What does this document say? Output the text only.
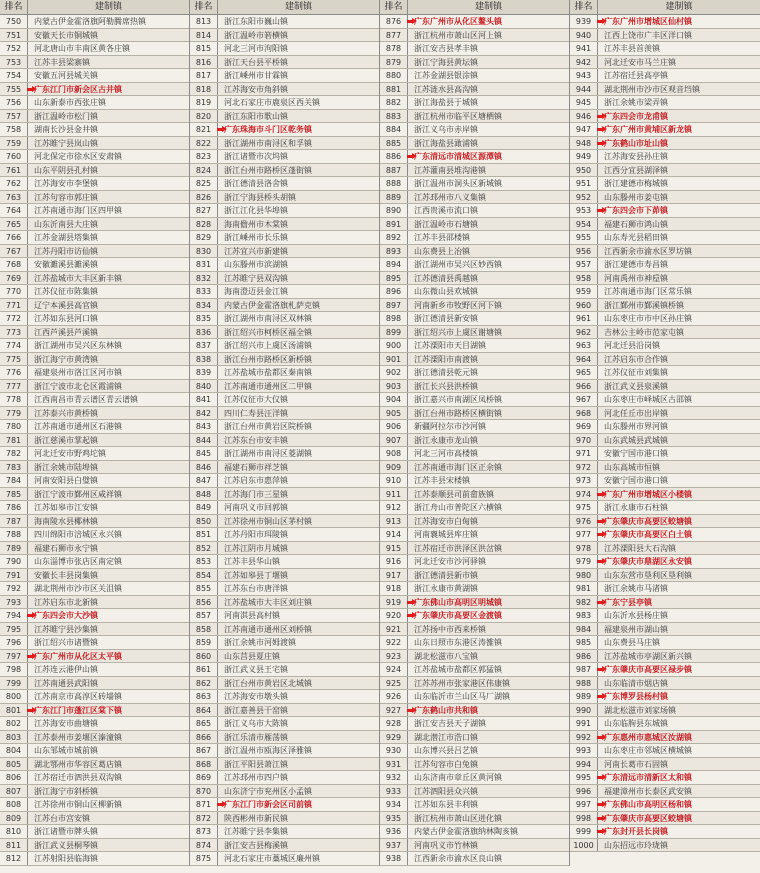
排名	建制镇
750	内蒙古伊金霍洛旗阿勒腾席热镇
751	安徽天长市铜城镇
752	河北唐山市丰南区黄各庄镇
753	江苏丰县梁寨镇
754	安徽五河县城关镇
755	广东江门市新会区古井镇
756	山东新泰市西张庄镇
757	浙江温岭市松门镇
758	湖南长沙县金井镇
759	江苏睢宁县岚山镇
760	河北保定市徐水区安肃镇
761	山东平阴县孔村镇
762	江苏海安市李堡镇
763	江苏句容市郭庄镇
764	江苏南通市海门区四甲镇
765	山东沂南县大庄镇
766	江苏金湖县塔集镇
767	江苏丹阳市访仙镇
768	安徽濉溪县濉溪镇
769	江苏盐城市大丰区新丰镇
770	江苏仪征市陈集镇
771	辽宁本溪县高官镇
772	江苏如东县河口镇
773	江西芦溪县芦溪镇
774	浙江湖州市吴兴区东林镇
775	浙江海宁市黄湾镇
776	福建泉州市洛江区河市镇
777	浙江宁波市北仑区霞浦镇
778	江西南昌市青云谱区青云谱镇
779	江苏泰兴市黄桥镇
780	江苏南通市通州区石港镇
781	浙江慈溪市掌起镇
782	河北迁安市野鸡坨镇
783	浙江余姚市陆埠镇
784	河南安阳县白璧镇
785	浙江宁波市鄞州区咸祥镇
786	江苏如皋市江安镇
787	海南陵水县椰林镇
788	四川绵阳市涪城区永兴镇
789	福建石狮市永宁镇
790	山东淄博市张店区南定镇
791	安徽长丰县岗集镇
792	湖北荆州市沙市区关沮镇
793	江苏启东市北新镇
794	广东四会市大沙镇
795	江苏睢宁县沙集镇
796	浙江绍兴市诸暨镇
797	广东广州市从化区太平镇
798	江苏连云港伊山镇
799	江苏南通县武阳镇
800	江苏南京市高淳区砖墙镇
801	广东江门市蓬江区棠下镇
802	江苏海安市曲塘镇
803	江苏泰州市姜堰区溱潼镇
804	山东邹城市城前镇
805	湖北鄂州市华容区葛店镇
806	江苏宿迁市泗洪县双沟镇
807	浙江海宁市斜桥镇
808	江苏徐州市铜山区柳新镇
809	江苏台市宫安镇
810	浙江诸暨市牌头镇
811	浙江武义县桐琴镇
812	江苏射阳县临海镇
排名	建制镇
813	浙江东阳市巍山镇
814	浙江温岭市箬横镇
815	河北三河市泃阳镇
816	浙江天台县平桥镇
817	浙江嵊州市甘霖镇
818	江苏海安市角斜镇
819	河北石家庄市鹿泉区西关镇
820	浙江东阳市歌山镇
821	广东珠海市斗门区乾务镇
822	浙江湖州市南浔区和孚镇
823	浙江诸暨市次坞镇
824	浙江台州市路桥区蓬街镇
825	浙江德清县洛舍镇
826	浙江宁海县桥头胡镇
827	浙江江化县华埠镇
828	海南儋州市木棠镇
829	浙江嵊州市长乐镇
830	江苏宜兴市新建镇
831	山东滕州市滨湖镇
832	江苏睢宁县双沟镇
833	海南澄迈县金江镇
834	内蒙古伊金霍洛旗札萨克镇
835	浙江湖州市南浔区双林镇
836	浙江绍兴市柯桥区福全镇
837	浙江绍兴市上虞区汤浦镇
838	浙江台州市路桥区新桥镇
839	江苏盐城市盐都区秦南镇
840	江苏南通市通州区二甲镇
841	江苏仪征市大仪镇
842	四川仁寿县汪洋镇
843	浙江台州市黄岩区院桥镇
844	江苏东台市安丰镇
845	浙江湖州市南浔区菱湖镇
846	福建石狮市祥芝镇
847	江苏启东市惠萍镇
848	江苏海门市三星镇
849	河南巩义市回郭镇
850	江苏徐州市铜山区茅村镇
851	江苏丹阳市珥陵镇
852	江苏江阴市月城镇
853	江苏丰县华山镇
854	江苏如皋县丁堰镇
855	江苏东台市唐洋镇
856	江苏盐城市大丰区刘庄镇
857	河南淇县高村镇
858	江苏南通市通州区刘桥镇
859	浙江余姚市河姆渡镇
860	山东莒县夏庄镇
861	浙江武义县王宅镇
862	浙江台州市黄岩区北城镇
863	江苏海安市墩头镇
864	浙江嘉善县干窑镇
865	浙江义乌市大陈镇
866	浙江乐清市雁荡镇
867	浙江温州市瓯海区泽雅镇
868	浙江平阳县萧江镇
869	江苏邳州市四户镇
870	山东济宁市兖州区小孟镇
871	广东江门市新会区司前镇
872	陕西彬州市新民镇
873	江苏睢宁县李集镇
874	浙江安吉县梅溪镇
875	河北石家庄市藁城区廉州镇
排名	建制镇
876	广东广州市从化区鳌头镇
877	浙江杭州市萧山区河上镇
878	浙江安吉县孝丰镇
879	浙江宁海县黄坛镇
880	江苏金湖县银涂镇
881	江苏涟水县高沟镇
882	浙江海盐县于城镇
883	浙江杭州市临平区塘栖镇
884	浙江义乌市赤岸镇
885	浙江海盐县澉浦镇
886	广东清远市清城区源潭镇
887	江苏灌南县堆沟港镇
888	浙江温州市洞头区新城镇
889	江苏邳州市八义集镇
890	江西贵溪市流口镇
891	浙江温岭市石塘镇
892	江苏丰县邵楼镇
893	山东费县上冶镇
894	浙江湖州市吴兴区妙西镇
895	江苏德清县禹越镇
896	山东微山县欢城镇
897	河南新乡市牧野区河下镇
898	浙江德清县新安镇
899	浙江绍兴市上虞区谢塘镇
900	江苏溧阳市天目湖镇
901	江苏溧阳市南渡镇
902	浙江德清县乾元镇
903	浙江长兴县洪桥镇
904	浙江嘉兴市南湖区凤桥镇
905	浙江台州市路桥区横街镇
906	新疆阿拉尔市沙河镇
907	浙江永康市龙山镇
908	河北三河市高楼镇
909	江苏南通市海门区正余镇
910	江苏丰县宋楼镇
911	江苏泰顺县司前畲族镇
912	浙江舟山市普陀区六横镇
913	江苏海安市白甸镇
914	河南襄城县库庄镇
915	江苏宿迁市洪泽区洪岔镇
916	河北迁安市沙河驿镇
917	浙江德清县新市镇
918	浙江永康市黄湖镇
919	广东佛山市高明区明城镇
920	广东肇庆市高要区金渡镇
921	江苏扬中市西来桥镇
922	山东日照市东港区涛雒镇
923	湖北松滋市八宝镇
924	江苏盐城市盐都区郭猛镇
925	江苏苏州市张家港区伟康镇
926	山东临沂市兰山区马厂湖镇
927	广东鹤山市共和镇
928	浙江安吉县天子湖镇
929	湖北潜江市浩口镇
930	山东博兴县吕艺镇
931	江苏句容市白兔镇
932	山东济南市章丘区黄河镇
933	江苏泗阳县众兴镇
934	江苏如东县丰利镇
935	浙江杭州市萧山区进化镇
936	内蒙古伊金霍洛旗纳林陶亥镇
937	河南巩义市竹林镇
938	江西新余市渝水区良山镇
排名	建制镇
939	广东广州市增城区仙村镇
940	江西上饶市广丰区洋口镇
941	江苏丰县首羡镇
942	河北迁安市马兰庄镇
943	江苏宿迁县高亭镇
944	湖北荆州市沙市区观音垱镇
945	浙江余姚市梁弄镇
946	广东四会市龙甫镇
947	广东广州市黄埔区新龙镇
948	广东鹤山市址山镇
949	江苏海安县孙庄镇
950	江西分宜县湖泽镇
951	浙江建德市梅城镇
952	山东滕州市姜屯镇
953	广东四会市下茆镇
954	福建石狮市鸿山镇
955	山东寿光县稻田镇
956	江西新余市渝水区罗坊镇
957	浙江建德市寿昌镇
958	河南禹州市神垕镇
959	江苏南通市海门区常乐镇
960	浙江鄞州市鄞溪镇桥镇
961	山东枣庄市市中区孙庄镇
962	吉林公主岭市范家屯镇
963	河北迁县沿岗镇
964	江苏启东市合作镇
965	江苏仪征市刘集镇
966	浙江武义县泉溪镇
967	山东枣庄市峄城区古邵镇
968	河北任丘市出岸镇
969	山东滕州市界河镇
970	山东武城县武城镇
971	安徽宁国市港口镇
972	山东高城市恒镇
973	安徽宁国市港口镇
974	广东广州市增城区小楼镇
975	浙江永康市石柱镇
976	广东肇庆市高要区蛟塘镇
977	广东肇庆市高要区白土镇
978	江苏溧阳县大石沟镇
979	广东肇庆市鼎湖区永安镇
980	山东东营市垦利区垦利镇
981	浙江余姚市马渚镇
982	广东宁县亭镇
983	山东沂水县杨庄镇
984	福建泉州市湖山镇
985	山东费县马庄镇
986	江苏盐城市亭湖区新兴镇
987	广东肇庆市高要区禄步镇
988	山东临清市烟店镇
989	广东博罗县杨村镇
990	湖北松滋市刘家场镇
991	山东临朐县东城镇
992	广东惠州市惠城区汝湖镇
993	山东枣庄市邻城区横城镇
994	河南长葛市石固镇
995	广东清远市清新区太和镇
996	福建漳州市长泰区武安镇
997	广东佛山市高明区杨和镇
998	广东肇庆市高要区蛟塘镇
999	广东封开县长岗镇
1000	山东招远市玲珑镇
